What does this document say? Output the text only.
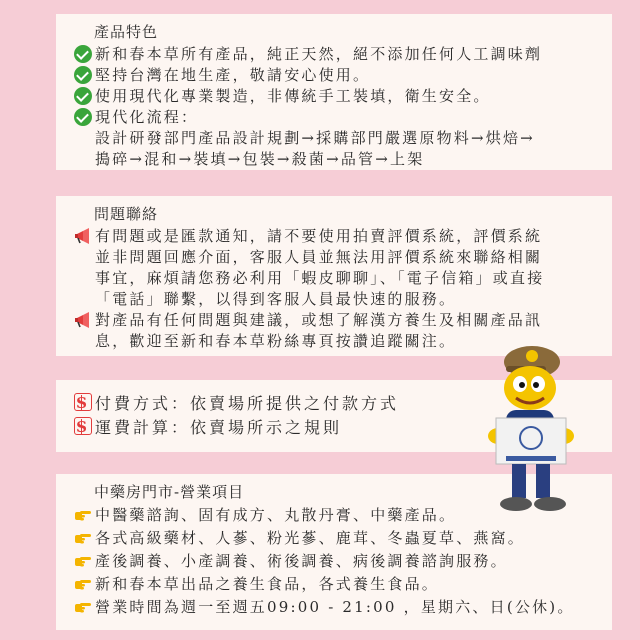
產品特色
新和春本草所有產品，純正天然，絕不添加任何人工調味劑
堅持台灣在地生產，敬請安心使用。
使用現代化專業製造，非傳統手工裝填，衛生安全。
現代化流程：
設計研發部門產品設計規劃→採購部門嚴選原物料→烘焙→
搗碎→混和→裝填→包裝→殺菌→品管→上架
問題聯絡
有問題或是匯款通知，請不要使用拍賣評價系統，評價系統
並非問題回應介面，客服人員並無法用評價系統來聯絡相關
事宜，麻煩請您務必利用「蝦皮聊聊」、「電子信箱」或直接
「電話」聯繫，以得到客服人員最快速的服務。
對產品有任何問題與建議，或想了解漢方養生及相關產品訊
息，歡迎至新和春本草粉絲專頁按讚追蹤關注。
$ 付費方式：依賣場所提供之付款方式
$ 運費計算：依賣場所示之規則
中藥房門市-營業項目
中醫藥諮詢、固有成方、丸散丹膏、中藥產品。
各式高級藥材、人蔘、粉光蔘、鹿茸、冬蟲夏草、燕窩。
產後調養、小產調養、術後調養、病後調養諮詢服務。
新和春本草出品之養生食品，各式養生食品。
營業時間為週一至週五09:00 - 21:00 ，星期六、日(公休)。
